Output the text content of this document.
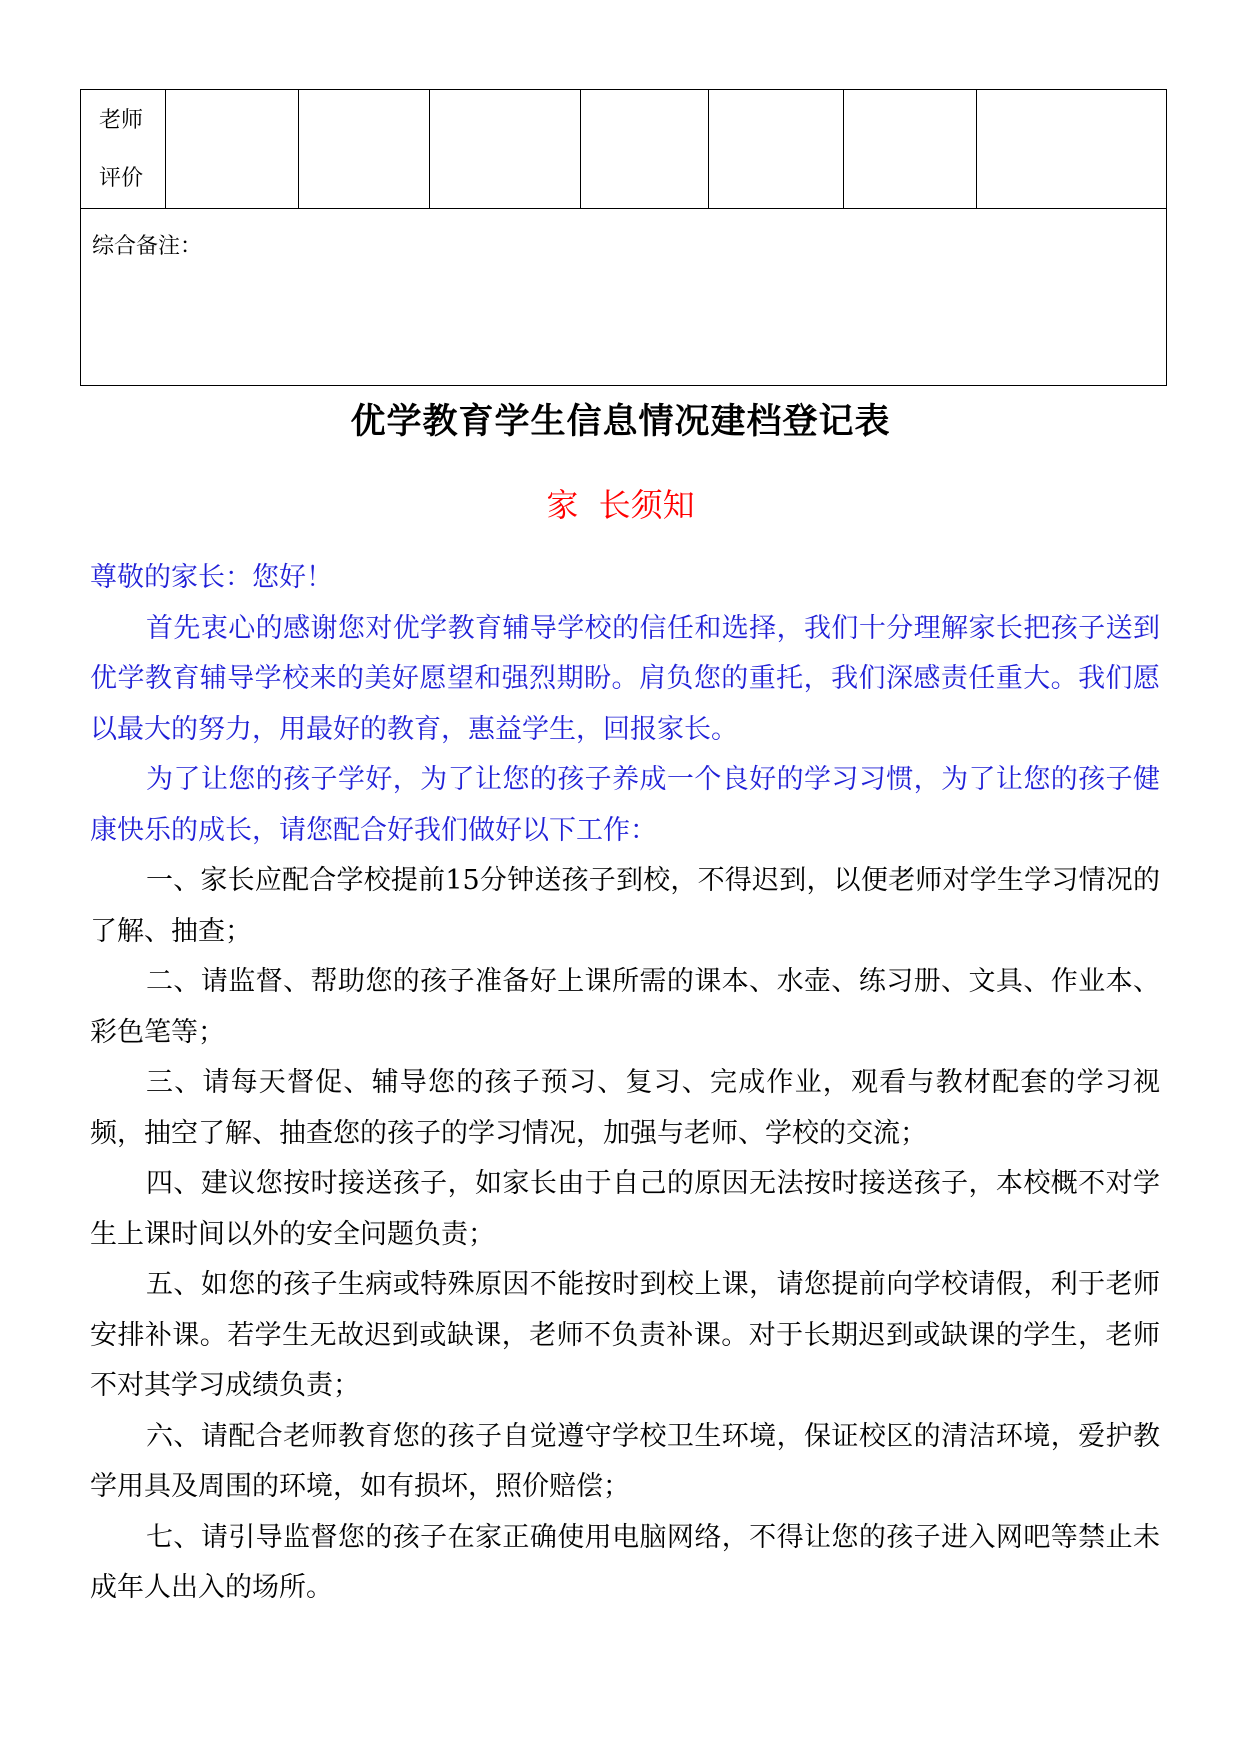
老师
评价

综合备注：
优学教育学生信息情况建档登记表
家  长须知

尊敬的家长：您好！

首先衷心的感谢您对优学教育辅导学校的信任和选择，我们十分理解家长把孩子送到优学教育辅导学校来的美好愿望和强烈期盼。肩负您的重托，我们深感责任重大。我们愿以最大的努力，用最好的教育，惠益学生，回报家长。

为了让您的孩子学好，为了让您的孩子养成一个良好的学习习惯，为了让您的孩子健康快乐的成长，请您配合好我们做好以下工作：

一、家长应配合学校提前15分钟送孩子到校，不得迟到，以便老师对学生学习情况的了解、抽查；

二、请监督、帮助您的孩子准备好上课所需的课本、水壶、练习册、文具、作业本、彩色笔等；

三、请每天督促、辅导您的孩子预习、复习、完成作业，观看与教材配套的学习视频，抽空了解、抽查您的孩子的学习情况，加强与老师、学校的交流；

四、建议您按时接送孩子，如家长由于自己的原因无法按时接送孩子，本校概不对学生上课时间以外的安全问题负责；

五、如您的孩子生病或特殊原因不能按时到校上课，请您提前向学校请假，利于老师安排补课。若学生无故迟到或缺课，老师不负责补课。对于长期迟到或缺课的学生，老师不对其学习成绩负责；

六、请配合老师教育您的孩子自觉遵守学校卫生环境，保证校区的清洁环境，爱护教学用具及周围的环境，如有损坏，照价赔偿；

七、请引导监督您的孩子在家正确使用电脑网络，不得让您的孩子进入网吧等禁止未成年人出入的场所。
